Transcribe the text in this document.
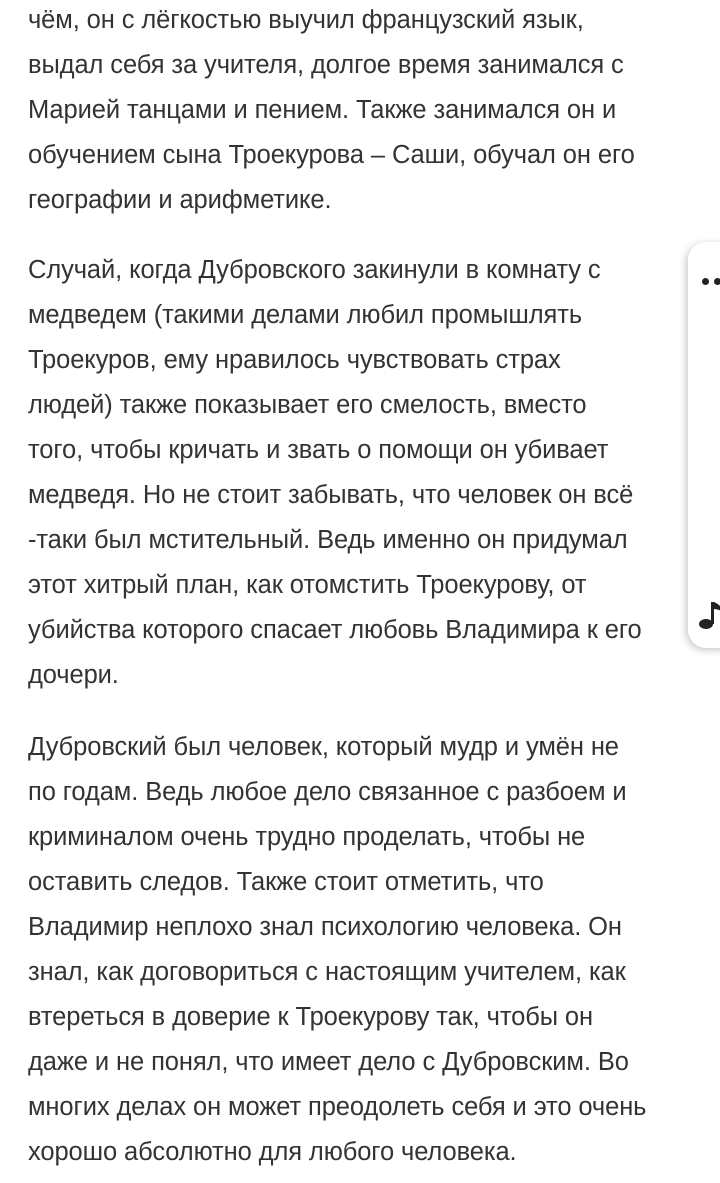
чём, он с лёгкостью выучил французский язык,
выдал себя за учителя, долгое время занимался с
Марией танцами и пением. Также занимался он и
обучением сына Троекурова – Саши, обучал он его
географии и арифметике.

Случай, когда Дубровского закинули в комнату с
медведем (такими делами любил промышлять
Троекуров, ему нравилось чувствовать страх
людей) также показывает его смелость, вместо
того, чтобы кричать и звать о помощи он убивает
медведя. Но не стоит забывать, что человек он всё
-таки был мстительный. Ведь именно он придумал
этот хитрый план, как отомстить Троекурову, от
убийства которого спасает любовь Владимира к его
дочери.

Дубровский был человек, который мудр и умён не
по годам. Ведь любое дело связанное с разбоем и
криминалом очень трудно проделать, чтобы не
оставить следов. Также стоит отметить, что
Владимир неплохо знал психологию человека. Он
знал, как договориться с настоящим учителем, как
втереться в доверие к Троекурову так, чтобы он
даже и не понял, что имеет дело с Дубровским. Во
многих делах он может преодолеть себя и это очень
хорошо абсолютно для любого человека.
